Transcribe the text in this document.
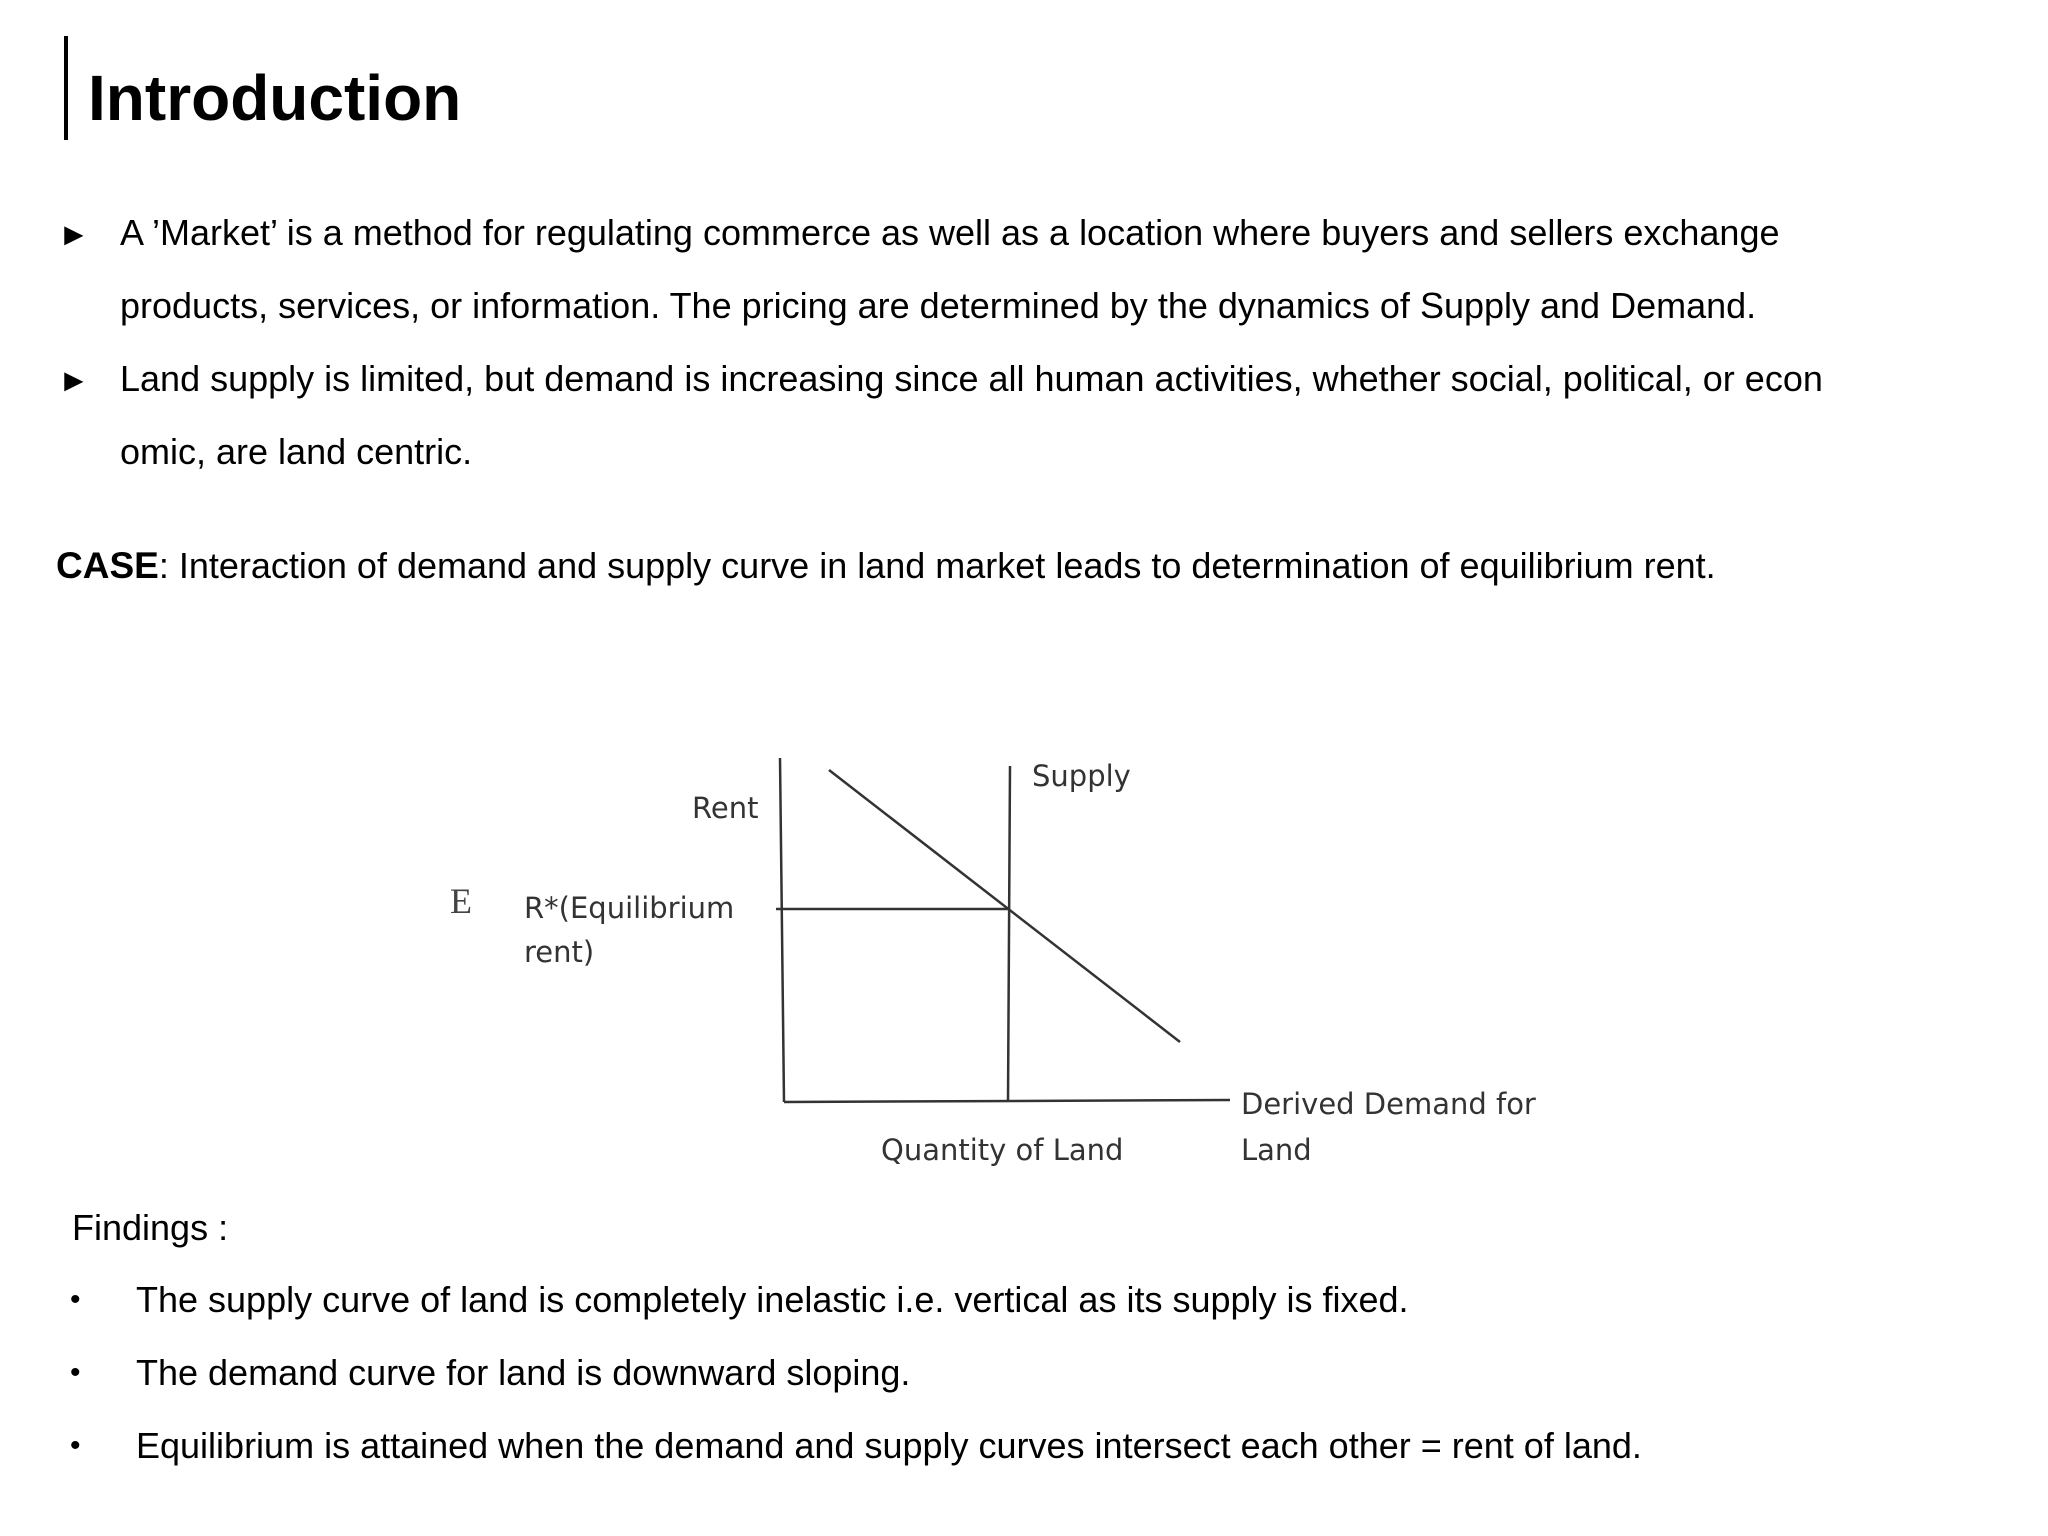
Introduction
► A ’Market’ is a method for regulating commerce as well as a location where buyers and sellers exchange
products, services, or information. The pricing are determined by the dynamics of Supply and Demand.
► Land supply is limited, but demand is increasing since all human activities, whether social, political, or econ
omic, are land centric.
CASE: Interaction of demand and supply curve in land market leads to determination of equilibrium rent.
Rent
Supply
E R*(Equilibrium
rent)
Quantity of Land
Derived Demand for
Land
Findings :
• The supply curve of land is completely inelastic i.e. vertical as its supply is fixed.
• The demand curve for land is downward sloping.
• Equilibrium is attained when the demand and supply curves intersect each other = rent of land.
